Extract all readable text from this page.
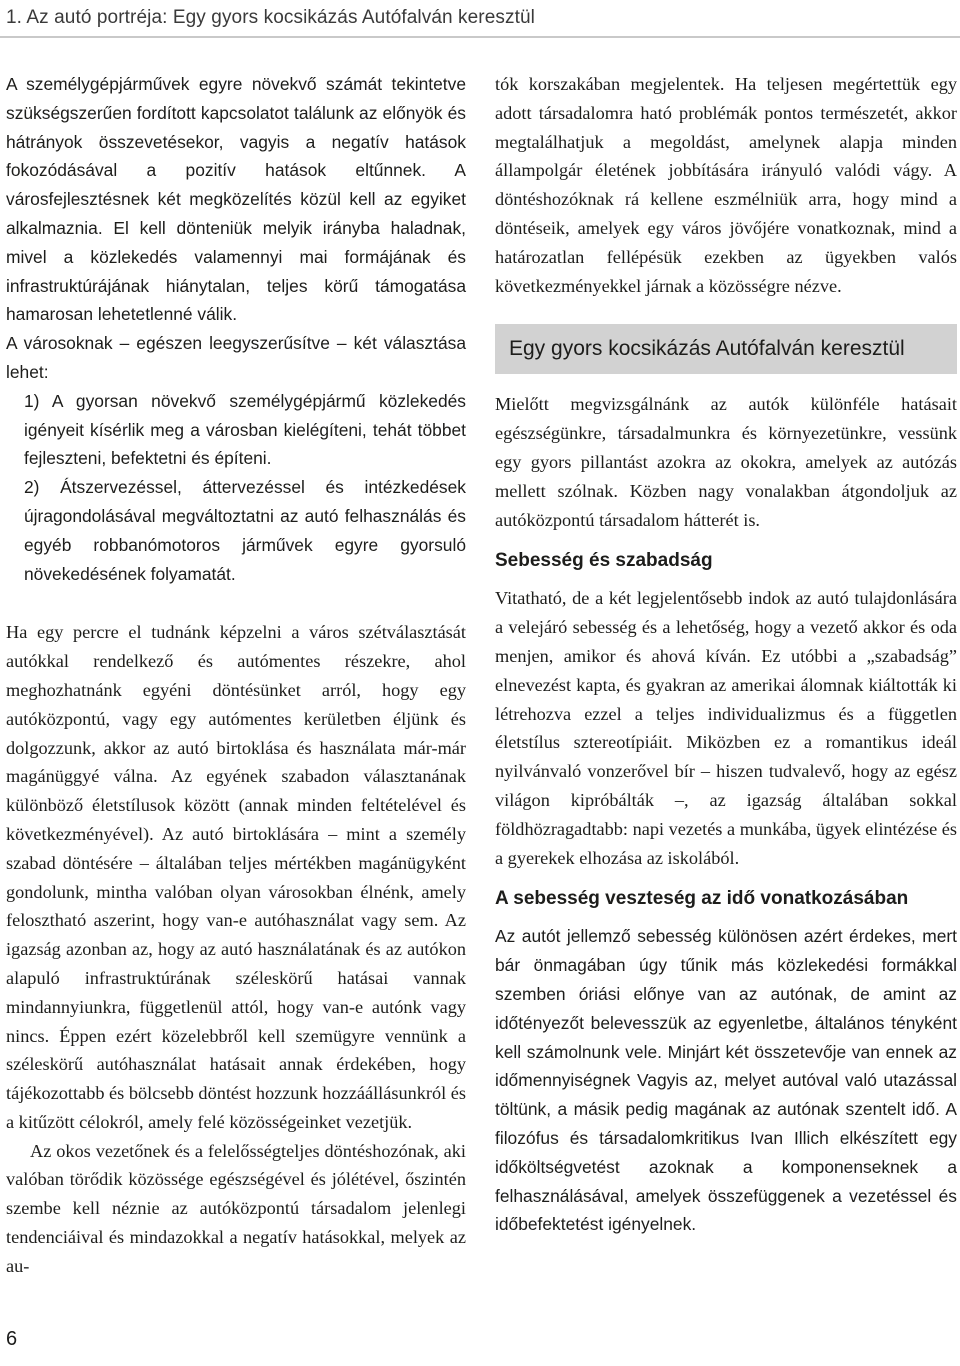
1. Az autó portréja: Egy gyors kocsikázás Autófalván keresztül

A személygépjárművek egyre növekvő számát tekintetve szükségszerűen fordított kapcsolatot találunk az előnyök és hátrányok összevetésekor, vagyis a negatív hatások fokozódásával a pozitív hatások eltűnnek. A városfejlesztésnek két megközelítés közül kell az egyiket alkalmaznia. El kell dönteniük melyik irányba haladnak, mivel a közlekedés valamennyi mai formájának és infrastruktúrájának hiánytalan, teljes körű támogatása hamarosan lehetetlenné válik.

A városoknak – egészen leegyszerűsítve – két választása lehet:

1) A gyorsan növekvő személygépjármű közlekedés igényeit kísérlik meg a városban kielégíteni, tehát többet fejleszteni, befektetni és építeni.

2) Átszervezéssel, áttervezéssel és intézkedések újragondolásával megváltoztatni az autó felhasználás és egyéb robbanómotoros járművek egyre gyorsuló növekedésének folyamatát.

Ha egy percre el tudnánk képzelni a város szétválasztását autókkal rendelkező és autómentes részekre, ahol meghozhatnánk egyéni döntésünket arról, hogy egy autóközpontú, vagy egy autómentes kerületben éljünk és dolgozzunk, akkor az autó birtoklása és használata már-már magánüggyé válna. Az egyének szabadon választanának különböző életstílusok között (annak minden feltételével és következményével). Az autó birtoklására – mint a személy szabad döntésére – általában teljes mértékben magánügyként gondolunk, mintha valóban olyan városokban élnénk, amely felosztható aszerint, hogy van-e autóhasználat vagy sem. Az igazság azonban az, hogy az autó használatának és az autókon alapuló infrastruktúrának széleskörű hatásai vannak mindannyiunkra, függetlenül attól, hogy van-e autónk vagy nincs. Éppen ezért közelebbről kell szemügyre vennünk a széleskörű autóhasználat hatásait annak érdekében, hogy tájékozottabb és bölcsebb döntést hozzunk hozzáállásunkról és a kitűzött célokról, amely felé közösségeinket vezetjük.

Az okos vezetőnek és a felelősségteljes döntéshozónak, aki valóban törődik közössége egészségével és jólétével, őszintén szembe kell néznie az autóközpontú társadalom jelenlegi tendenciáival és mindazokkal a negatív hatásokkal, melyek az au-

tók korszakában megjelentek. Ha teljesen megértettük egy adott társadalomra ható problémák pontos természetét, akkor megtalálhatjuk a megoldást, amelynek alapja minden állampolgár életének jobbítására irányuló valódi vágy. A döntéshozóknak rá kellene eszmélniük arra, hogy mind a döntéseik, amelyek egy város jövőjére vonatkoznak, mind a határozatlan fellépésük ezekben az ügyekben valós következményekkel járnak a közösségre nézve.

Egy gyors kocsikázás Autófalván keresztül

Mielőtt megvizsgálnánk az autók különféle hatásait egészségünkre, társadalmunkra és környezetünkre, vessünk egy gyors pillantást azokra az okokra, amelyek az autózás mellett szólnak. Közben nagy vonalakban átgondoljuk az autóközpontú társadalom hátterét is.

Sebesség és szabadság

Vitatható, de a két legjelentősebb indok az autó tulajdonlására a velejáró sebesség és a lehetőség, hogy a vezető akkor és oda menjen, amikor és ahová kíván. Ez utóbbi a „szabadság” elnevezést kapta, és gyakran az amerikai álomnak kiáltották ki létrehozva ezzel a teljes individualizmus és a független életstílus sztereotípiáit. Miközben ez a romantikus ideál nyilvánvaló vonzerővel bír – hiszen tudvalevő, hogy az egész világon kipróbálták –, az igazság általában sokkal földhözragadtabb: napi vezetés a munkába, ügyek elintézése és a gyerekek elhozása az iskolából.

A sebesség veszteség az idő vonatkozásában

Az autót jellemző sebesség különösen azért érdekes, mert bár önmagában úgy tűnik más közlekedési formákkal szemben óriási előnye van az autónak, de amint az időtényezőt belevesszük az egyenletbe, általános tényként kell számolnunk vele. Minjárt két összetevője van ennek az időmennyiségnek Vagyis az, melyet autóval való utazással töltünk, a másik pedig magának az autónak szentelt idő. A filozófus és társadalomkritikus Ivan Illich elkészített egy időköltségvetést azoknak a komponenseknek a felhasználásával, amelyek összefüggenek a vezetéssel és időbefektetést igényelnek.

6
